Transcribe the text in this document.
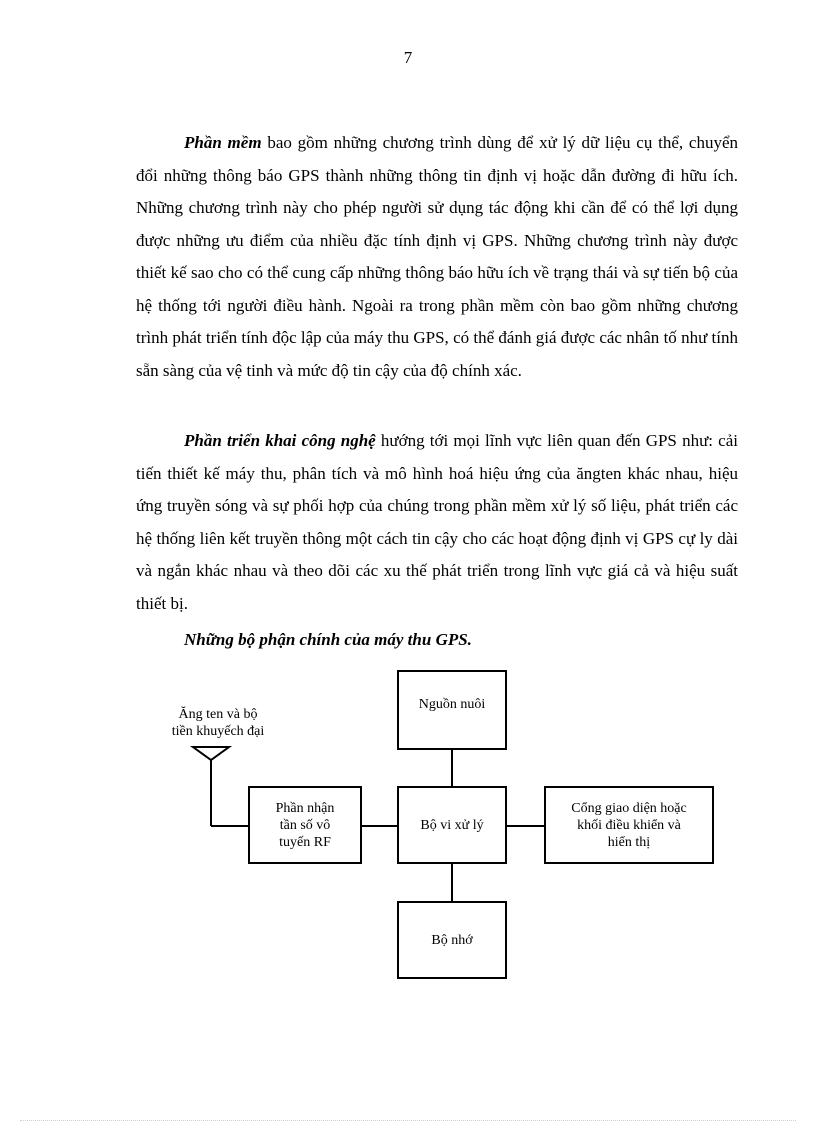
7

Phần mềm bao gồm những chương trình dùng để xử lý dữ liệu cụ thể, chuyển đổi những thông báo GPS thành những thông tin định vị hoặc dẫn đường đi hữu ích. Những chương trình này cho phép người sử dụng tác động khi cần để có thể lợi dụng được những ưu điểm của nhiều đặc tính định vị GPS. Những chương trình này được thiết kế sao cho có thể cung cấp những thông báo hữu ích về trạng thái và sự tiến bộ của hệ thống tới người điều hành. Ngoài ra trong phần mềm còn bao gồm những chương trình phát triển tính độc lập của máy thu GPS, có thể đánh giá được các nhân tố như tính sẵn sàng của vệ tinh và mức độ tin cậy của độ chính xác.

Phần triển khai công nghệ hướng tới mọi lĩnh vực liên quan đến GPS như: cải tiến thiết kế máy thu, phân tích và mô hình hoá hiệu ứng của ăngten khác nhau, hiệu ứng truyền sóng và sự phối hợp của chúng trong phần mềm xử lý số liệu, phát triển các hệ thống liên kết truyền thông một cách tin cậy cho các hoạt động định vị GPS cự ly dài và ngắn khác nhau và theo dõi các xu thế phát triển trong lĩnh vực giá cả và hiệu suất thiết bị.

Những bộ phận chính của máy thu GPS.
Ăng ten và bộ
tiền khuyếch đại
Nguồn nuôi
Phần nhận
tần số vô
tuyến RF
Bộ vi xử lý
Cổng giao diện hoặc
khối điều khiển và
hiển thị
Bộ nhớ
